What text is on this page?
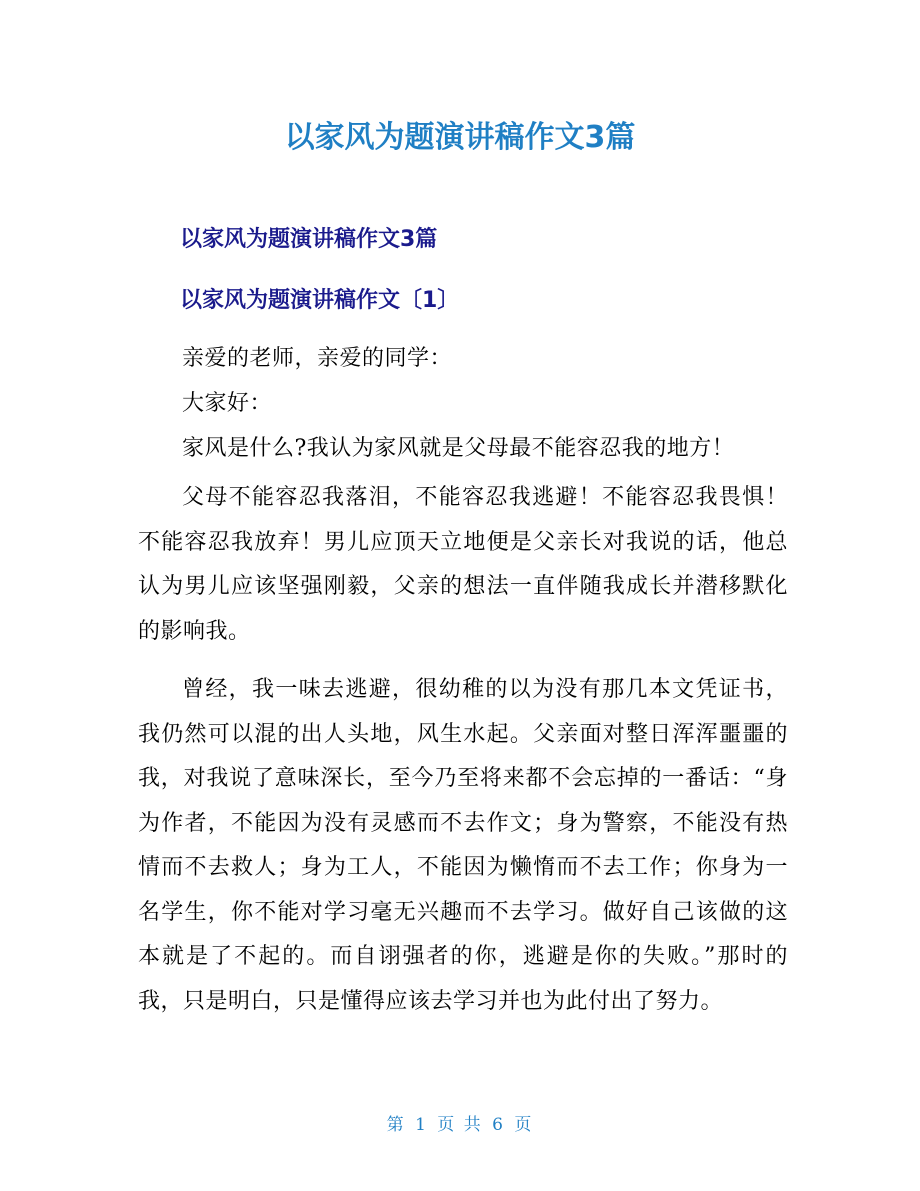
以家风为题演讲稿作文3篇
以家风为题演讲稿作文3篇
以家风为题演讲稿作文〔1〕

亲爱的老师，亲爱的同学：

大家好：

家风是什么?我认为家风就是父母最不能容忍我的地方！

父母不能容忍我落泪，不能容忍我逃避！不能容忍我畏惧！不能容忍我放弃！男儿应顶天立地便是父亲长对我说的话，他总认为男儿应该坚强刚毅，父亲的想法一直伴随我成长并潜移默化的影响我。

曾经，我一味去逃避，很幼稚的以为没有那几本文凭证书，我仍然可以混的出人头地，风生水起。父亲面对整日浑浑噩噩的我，对我说了意味深长，至今乃至将来都不会忘掉的一番话：“身为作者，不能因为没有灵感而不去作文；身为警察，不能没有热情而不去救人；身为工人，不能因为懒惰而不去工作；你身为一名学生，你不能对学习毫无兴趣而不去学习。做好自己该做的这本就是了不起的。而自诩强者的你，逃避是你的失败。”那时的我，只是明白，只是懂得应该去学习并也为此付出了努力。

第 1 页 共 6 页
